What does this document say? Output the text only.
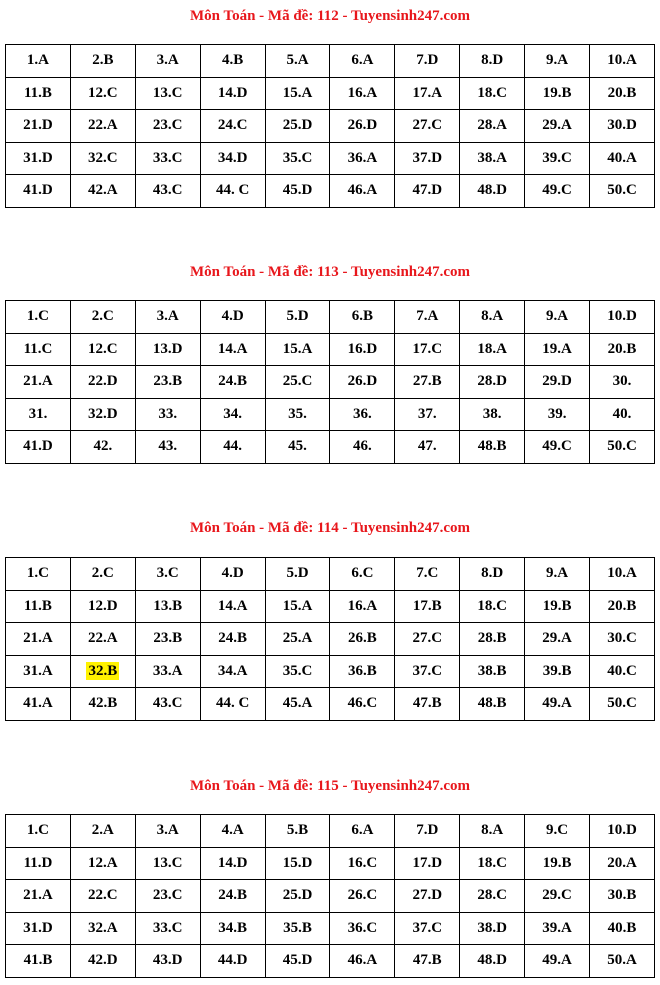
Môn Toán - Mã đề: 112 - Tuyensinh247.com
1.A	2.B	3.A	4.B	5.A	6.A	7.D	8.D	9.A	10.A
11.B	12.C	13.C	14.D	15.A	16.A	17.A	18.C	19.B	20.B
21.D	22.A	23.C	24.C	25.D	26.D	27.C	28.A	29.A	30.D
31.D	32.C	33.C	34.D	35.C	36.A	37.D	38.A	39.C	40.A
41.D	42.A	43.C	44. C	45.D	46.A	47.D	48.D	49.C	50.C
Môn Toán - Mã đề: 113 - Tuyensinh247.com
1.C	2.C	3.A	4.D	5.D	6.B	7.A	8.A	9.A	10.D
11.C	12.C	13.D	14.A	15.A	16.D	17.C	18.A	19.A	20.B
21.A	22.D	23.B	24.B	25.C	26.D	27.B	28.D	29.D	30.
31.	32.D	33.	34.	35.	36.	37.	38.	39.	40.
41.D	42.	43.	44.	45.	46.	47.	48.B	49.C	50.C
Môn Toán - Mã đề: 114 - Tuyensinh247.com
1.C	2.C	3.C	4.D	5.D	6.C	7.C	8.D	9.A	10.A
11.B	12.D	13.B	14.A	15.A	16.A	17.B	18.C	19.B	20.B
21.A	22.A	23.B	24.B	25.A	26.B	27.C	28.B	29.A	30.C
31.A	32.B	33.A	34.A	35.C	36.B	37.C	38.B	39.B	40.C
41.A	42.B	43.C	44. C	45.A	46.C	47.B	48.B	49.A	50.C
Môn Toán - Mã đề: 115 - Tuyensinh247.com
1.C	2.A	3.A	4.A	5.B	6.A	7.D	8.A	9.C	10.D
11.D	12.A	13.C	14.D	15.D	16.C	17.D	18.C	19.B	20.A
21.A	22.C	23.C	24.B	25.D	26.C	27.D	28.C	29.C	30.B
31.D	32.A	33.C	34.B	35.B	36.C	37.C	38.D	39.A	40.B
41.B	42.D	43.D	44.D	45.D	46.A	47.B	48.D	49.A	50.A
